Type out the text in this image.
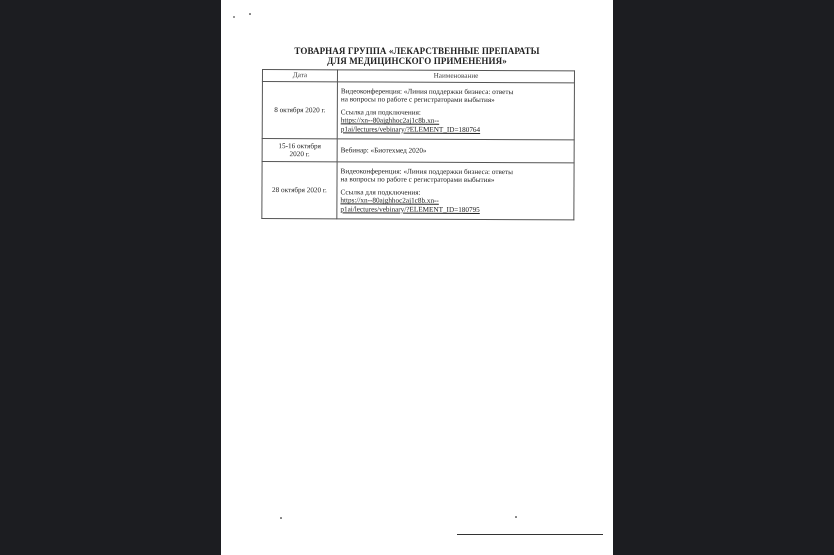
ТОВАРНАЯ ГРУППА «ЛЕКАРСТВЕННЫЕ ПРЕПАРАТЫ
ДЛЯ МЕДИЦИНСКОГО ПРИМЕНЕНИЯ»
Дата	Наименование
8 октября 2020 г.	Видеоконференция: «Линия поддержки бизнеса: ответы

на вопросы по работе с регистраторами выбытия»

Ссылка для подключения:

https://xn--80ajghhoc2aj1c8b.xn--

p1ai/lectures/vebinary/?ELEMENT_ID=180764

15-16 октября
2020 г.	Вебинар: «Биотехмед 2020»

28 октября 2020 г.	Видеоконференция: «Линия поддержки бизнеса: ответы

на вопросы по работе с регистраторами выбытия»

Ссылка для подключения:

https://xn--80ajghhoc2aj1c8b.xn--

p1ai/lectures/vebinary/?ELEMENT_ID=180795
